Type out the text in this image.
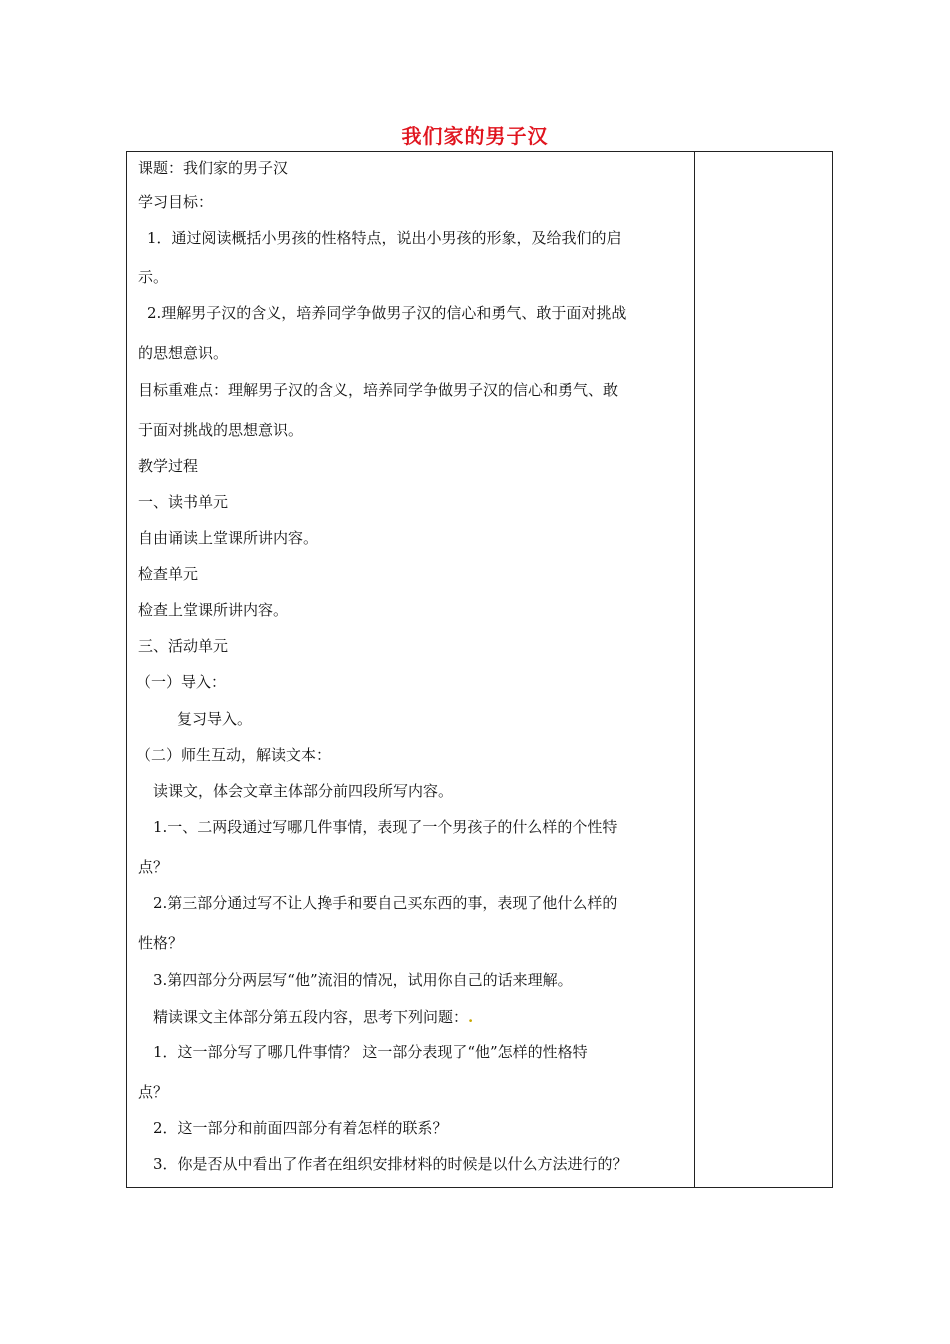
我们家的男子汉
课题：我们家的男子汉
学习目标：
1．通过阅读概括小男孩的性格特点，说出小男孩的形象，及给我们的启
示。
2.理解男子汉的含义，培养同学争做男子汉的信心和勇气、敢于面对挑战
的思想意识。
目标重难点：理解男子汉的含义，培养同学争做男子汉的信心和勇气、敢
于面对挑战的思想意识。
教学过程
一、读书单元
自由诵读上堂课所讲内容。
检查单元
检查上堂课所讲内容。
三、活动单元
（一）导入：
复习导入。
（二）师生互动，解读文本：
读课文，体会文章主体部分前四段所写内容。
1.一、二两段通过写哪几件事情，表现了一个男孩子的什么样的个性特
点？
2.第三部分通过写不让人搀手和要自己买东西的事，表现了他什么样的
性格？
3.第四部分分两层写“他”流泪的情况，试用你自己的话来理解。
精读课文主体部分第五段内容，思考下列问题：.
1．这一部分写了哪几件事情？ 这一部分表现了“他”怎样的性格特
点？
2．这一部分和前面四部分有着怎样的联系？
3．你是否从中看出了作者在组织安排材料的时候是以什么方法进行的？
